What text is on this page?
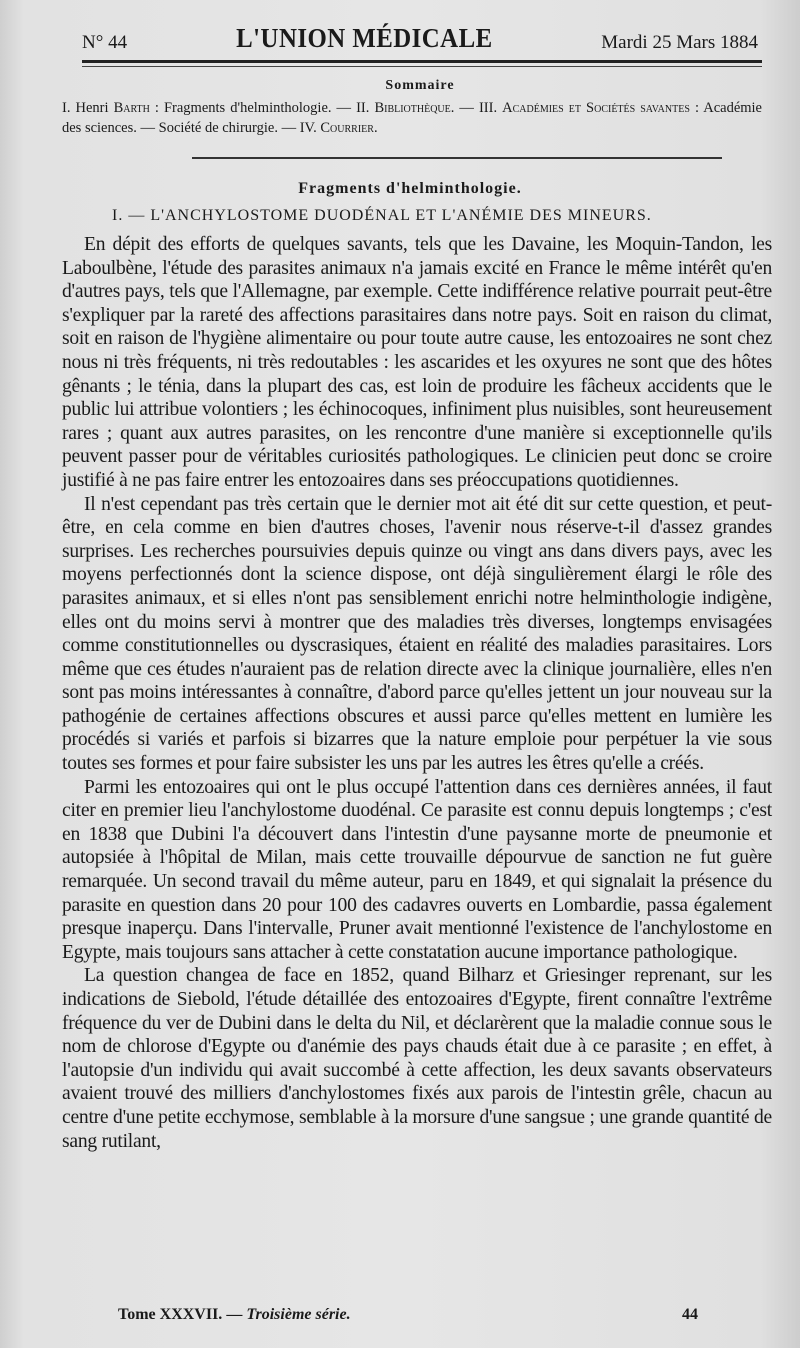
N° 44	L'UNION MÉDICALE	Mardi 25 Mars 1884
Sommaire
I. Henri Barth : Fragments d'helminthologie. — II. Bibliothèque. — III. Académies et Sociétés savantes : Académie des sciences. — Société de chirurgie. — IV. Courrier.
Fragments d'helminthologie.
I. — L'ANCHYLOSTOME DUODÉNAL ET L'ANÉMIE DES MINEURS.

En dépit des efforts de quelques savants, tels que les Davaine, les Moquin-Tandon, les Laboulbène, l'étude des parasites animaux n'a jamais excité en France le même intérêt qu'en d'autres pays, tels que l'Allemagne, par exemple. Cette indifférence relative pourrait peut-être s'expliquer par la rareté des affections parasitaires dans notre pays. Soit en raison du climat, soit en raison de l'hygiène alimentaire ou pour toute autre cause, les entozoaires ne sont chez nous ni très fréquents, ni très redoutables : les ascarides et les oxyures ne sont que des hôtes gênants ; le ténia, dans la plupart des cas, est loin de produire les fâcheux accidents que le public lui attribue volontiers ; les échinocoques, infiniment plus nuisibles, sont heureusement rares ; quant aux autres parasites, on les rencontre d'une manière si exceptionnelle qu'ils peuvent passer pour de véritables curiosités pathologiques. Le clinicien peut donc se croire justifié à ne pas faire entrer les entozoaires dans ses préoccupations quotidiennes.

Il n'est cependant pas très certain que le dernier mot ait été dit sur cette question, et peut-être, en cela comme en bien d'autres choses, l'avenir nous réserve-t-il d'assez grandes surprises. Les recherches poursuivies depuis quinze ou vingt ans dans divers pays, avec les moyens perfectionnés dont la science dispose, ont déjà singulièrement élargi le rôle des parasites animaux, et si elles n'ont pas sensiblement enrichi notre helminthologie indigène, elles ont du moins servi à montrer que des maladies très diverses, longtemps envisagées comme constitutionnelles ou dyscrasiques, étaient en réalité des maladies parasitaires. Lors même que ces études n'auraient pas de relation directe avec la clinique journalière, elles n'en sont pas moins intéressantes à connaître, d'abord parce qu'elles jettent un jour nouveau sur la pathogénie de certaines affections obscures et aussi parce qu'elles mettent en lumière les procédés si variés et parfois si bizarres que la nature emploie pour perpétuer la vie sous toutes ses formes et pour faire subsister les uns par les autres les êtres qu'elle a créés.

Parmi les entozoaires qui ont le plus occupé l'attention dans ces dernières années, il faut citer en premier lieu l'anchylostome duodénal. Ce parasite est connu depuis longtemps ; c'est en 1838 que Dubini l'a découvert dans l'intestin d'une paysanne morte de pneumonie et autopsiée à l'hôpital de Milan, mais cette trouvaille dépourvue de sanction ne fut guère remarquée. Un second travail du même auteur, paru en 1849, et qui signalait la présence du parasite en question dans 20 pour 100 des cadavres ouverts en Lombardie, passa également presque inaperçu. Dans l'intervalle, Pruner avait mentionné l'existence de l'anchylostome en Egypte, mais toujours sans attacher à cette constatation aucune importance pathologique.

La question changea de face en 1852, quand Bilharz et Griesinger reprenant, sur les indications de Siebold, l'étude détaillée des entozoaires d'Egypte, firent connaître l'extrême fréquence du ver de Dubini dans le delta du Nil, et déclarèrent que la maladie connue sous le nom de chlorose d'Egypte ou d'anémie des pays chauds était due à ce parasite ; en effet, à l'autopsie d'un individu qui avait succombé à cette affection, les deux savants observateurs avaient trouvé des milliers d'anchylostomes fixés aux parois de l'intestin grêle, chacun au centre d'une petite ecchymose, semblable à la morsure d'une sangsue ; une grande quantité de sang rutilant,

Tome XXXVII. — Troisième série.	44
